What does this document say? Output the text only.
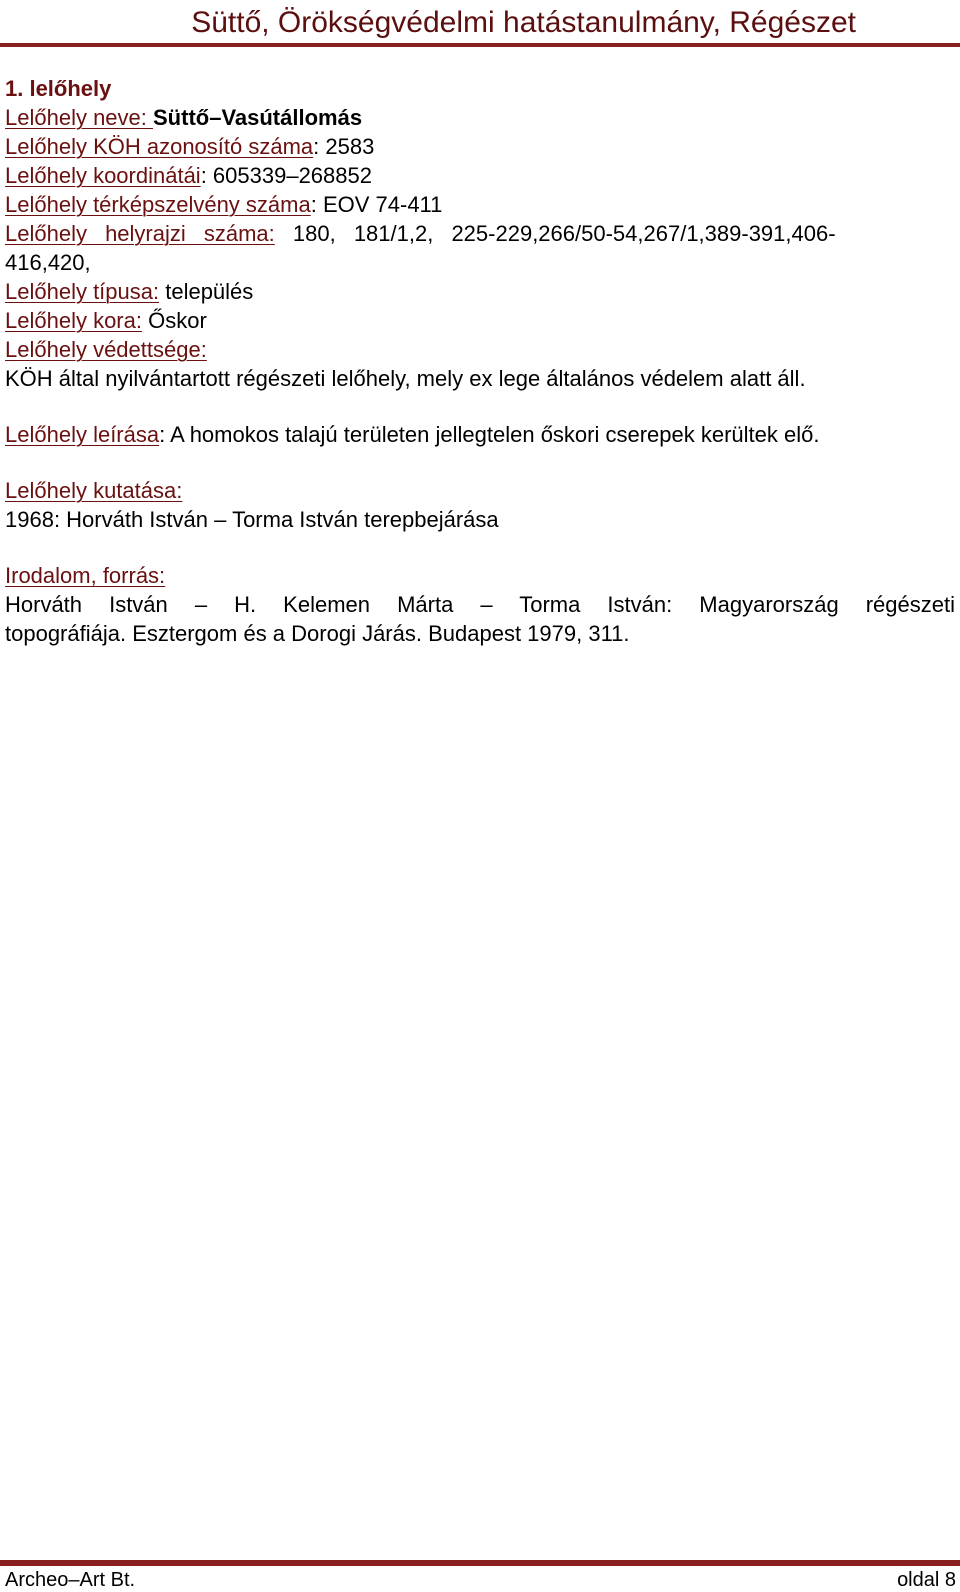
Süttő, Örökségvédelmi hatástanulmány, Régészet
1. lelőhely
Lelőhely neve: Süttő–Vasútállomás
Lelőhely KÖH azonosító száma: 2583
Lelőhely koordinátái: 605339–268852
Lelőhely térképszelvény száma: EOV 74-411
Lelőhely helyrajzi száma: 180, 181/1,2, 225-229,266/50-54,267/1,389-391,406-
416,420,
Lelőhely típusa: település
Lelőhely kora: Őskor
Lelőhely védettsége:
KÖH által nyilvántartott régészeti lelőhely, mely ex lege általános védelem alatt áll.
Lelőhely leírása: A homokos talajú területen jellegtelen őskori cserepek kerültek elő.
Lelőhely kutatása:
1968: Horváth István – Torma István terepbejárása
Irodalom, forrás:
Horváth István – H. Kelemen Márta – Torma István: Magyarország régészeti
topográfiája. Esztergom és a Dorogi Járás. Budapest 1979, 311.
Archeo–Art Bt.	oldal 8
